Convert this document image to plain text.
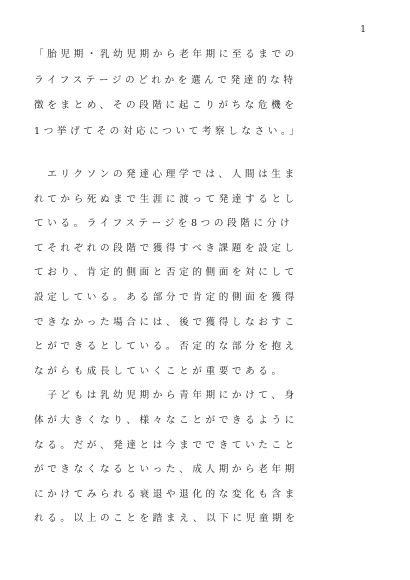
1
「胎児期・乳幼児期から老年期に至るまでの
ライフステージのどれかを選んで発達的な特
徴をまとめ、その段階に起こりがちな危機を
1つ挙げてその対応について考察しなさい。」
　エリクソンの発達心理学では、人間は生ま
れてから死ぬまで生涯に渡って発達するとし
ている。ライフステージを8つの段階に分け
てそれぞれの段階で獲得すべき課題を設定し
ており、肯定的側面と否定的側面を対にして
設定している。ある部分で肯定的側面を獲得
できなかった場合には、後で獲得しなおすこ
とができるとしている。否定的な部分を抱え
ながらも成長していくことが重要である。
　子どもは乳幼児期から青年期にかけて、身
体が大きくなり、様々なことができるように
なる。だが、発達とは今までできていたこと
ができなくなるといった、成人期から老年期
にかけてみられる衰退や退化的な変化も含ま
れる。以上のことを踏まえ、以下に児童期を
